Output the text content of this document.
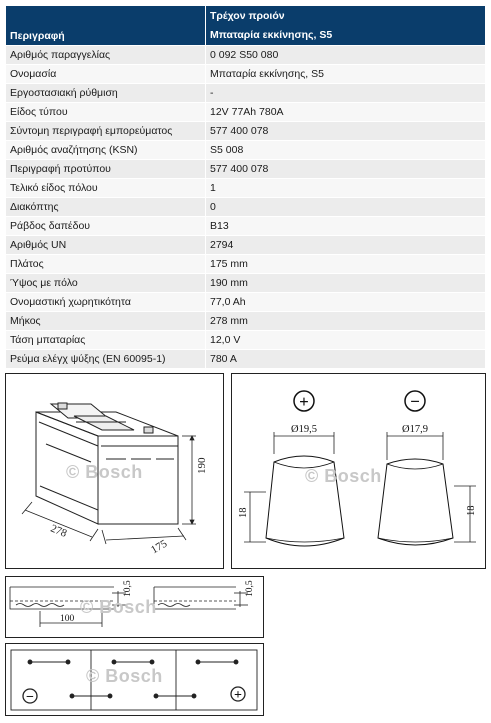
Περιγραφή	Τρέχον προιόν
Μπαταρία εκκίνησης, S5

Αριθμός παραγγελίας	0 092 S50 080
Ονομασία	Μπαταρία εκκίνησης, S5
Εργοστασιακή ρύθμιση	-
Είδος τύπου	12V 77Ah 780A
Σύντομη περιγραφή εμπορεύματος	577 400 078
Αριθμός αναζήτησης (KSN)	S5 008
Περιγραφή προτύπου	577 400 078
Τελικό είδος πόλου	1
Διακόπτης	0
Ράβδος δαπέδου	B13
Αριθμός UN	2794
Πλάτος	175 mm
Ύψος με πόλο	190 mm
Ονομαστική χωρητικότητα	77,0 Ah
Μήκος	278 mm
Τάση μπαταρίας	12,0 V
Ρεύμα ελέγχ ψύξης (EN 60095-1)	780 A
190
278
175
© Bosch
+	−
Ø19,5	Ø17,9
18	18
© Bosch
10,5	10,5
100
© Bosch
−	+
© Bosch
